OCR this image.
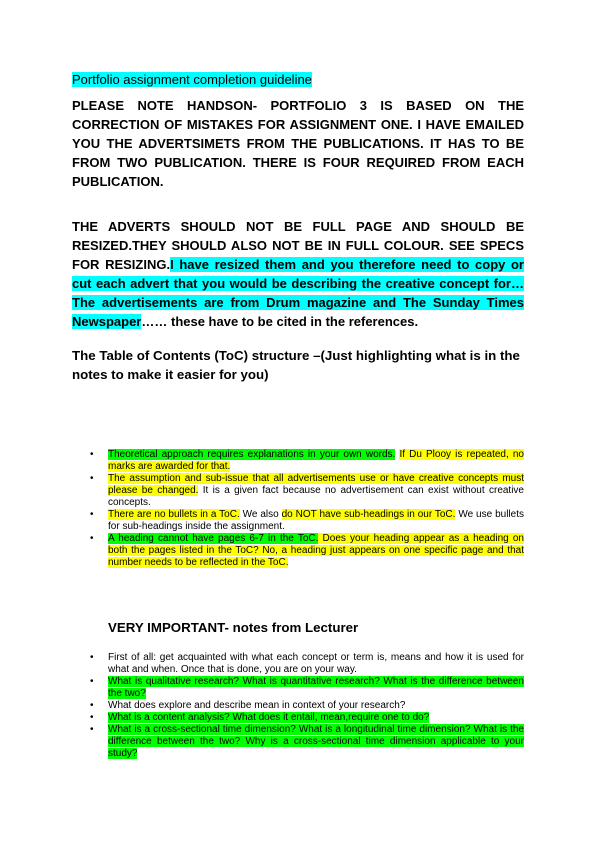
Portfolio assignment completion guideline
PLEASE NOTE HANDSON- PORTFOLIO 3 IS BASED ON THE CORRECTION OF MISTAKES FOR ASSIGNMENT ONE. I HAVE EMAILED YOU THE ADVERTSIMETS FROM THE PUBLICATIONS. IT HAS TO BE FROM TWO PUBLICATION. THERE IS FOUR REQUIRED FROM EACH PUBLICATION.
THE ADVERTS SHOULD NOT BE FULL PAGE AND SHOULD BE RESIZED.THEY SHOULD ALSO NOT BE IN FULL COLOUR. SEE SPECS FOR RESIZING.I have resized them and you therefore need to copy or cut each advert that you would be describing the creative concept for… The advertisements are from Drum magazine and The Sunday Times Newspaper…… these have to be cited in the references.
The Table of Contents (ToC) structure –(Just highlighting what is in the notes to make it easier for you)
• Theoretical approach requires explanations in your own words. If Du Plooy is repeated, no marks are awarded for that.
• The assumption and sub-issue that all advertisements use or have creative concepts must please be changed. It is a given fact because no advertisement can exist without creative concepts.
• There are no bullets in a ToC. We also do NOT have sub-headings in our ToC. We use bullets for sub-headings inside the assignment.
• A heading cannot have pages 6-7 in the ToC. Does your heading appear as a heading on both the pages listed in the ToC? No, a heading just appears on one specific page and that number needs to be reflected in the ToC.
VERY IMPORTANT- notes from Lecturer
• First of all: get acquainted with what each concept or term is, means and how it is used for what and when. Once that is done, you are on your way.
• What is qualitative research? What is quantitative research? What is the difference between the two?
• What does explore and describe mean in context of your research?
• What is a content analysis? What does it entail, mean,require one to do?
• What is a cross-sectional time dimension? What is a longitudinal time dimension? What is the difference between the two? Why is a cross-sectional time dimension applicable to your study?
